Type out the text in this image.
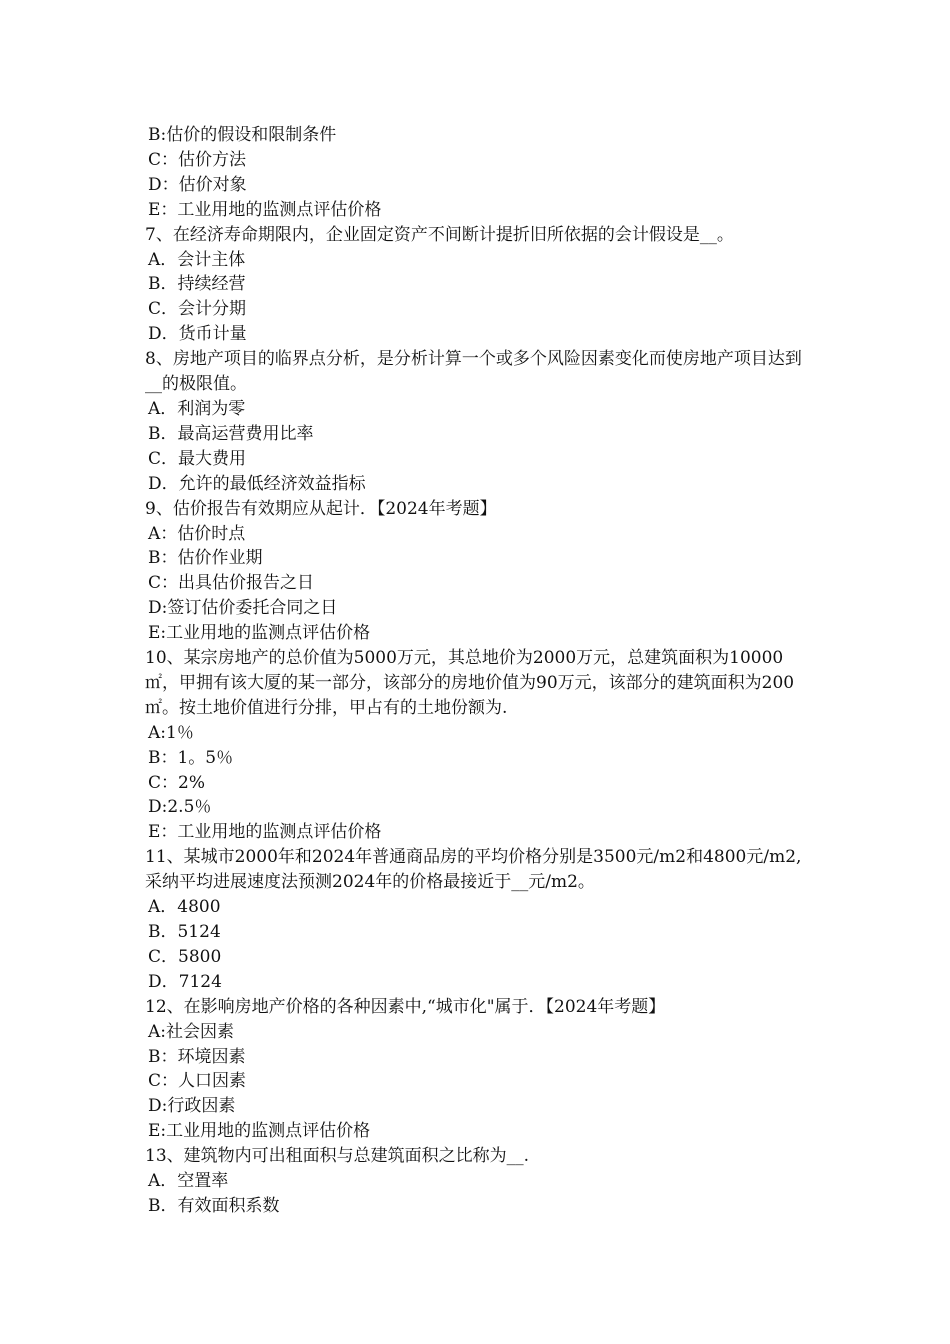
B:估价的假设和限制条件

C：估价方法

D：估价对象

E：工业用地的监测点评估价格

7、在经济寿命期限内，企业固定资产不间断计提折旧所依据的会计假设是__。

A．会计主体

B．持续经营

C．会计分期

D．货币计量

8、房地产项目的临界点分析，是分析计算一个或多个风险因素变化而使房地产项目达到__的极限值。

A．利润为零

B．最高运营费用比率

C．最大费用

D．允许的最低经济效益指标

9、估价报告有效期应从起计．【2024年考题】

A：估价时点

B：估价作业期

C：出具估价报告之日

D:签订估价委托合同之日

E:工业用地的监测点评估价格

10、某宗房地产的总价值为5000万元，其总地价为2000万元，总建筑面积为10000㎡，甲拥有该大厦的某一部分，该部分的房地价值为90万元，该部分的建筑面积为200㎡。按土地价值进行分排，甲占有的土地份额为.

A:1％

B：1。5％

C：2%

D:2.5％

E：工业用地的监测点评估价格

11、某城市2000年和2024年普通商品房的平均价格分别是3500元/m2和4800元/m2,采纳平均进展速度法预测2024年的价格最接近于__元/m2。

A．4800

B．5124

C．5800

D．7124

12、在影响房地产价格的各种因素中,“城市化"属于．【2024年考题】

A:社会因素

B：环境因素

C：人口因素

D:行政因素

E:工业用地的监测点评估价格

13、建筑物内可出租面积与总建筑面积之比称为__.

A．空置率

B．有效面积系数
